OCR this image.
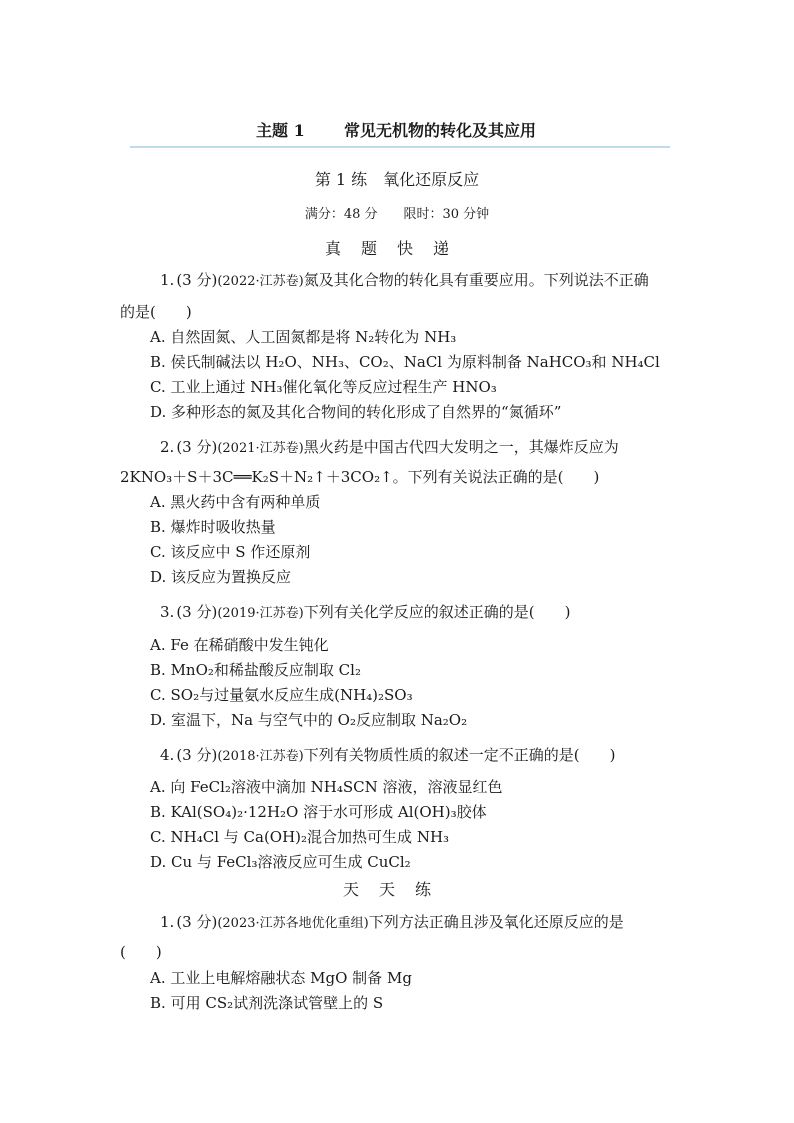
主题 1 常见无机物的转化及其应用
第 1 练　氧化还原反应
满分：48 分　　限时：30 分钟
真题快递
1. (3 分)(2022·江苏卷)氮及其化合物的转化具有重要应用。下列说法不正确
的是(　　)
A. 自然固氮、人工固氮都是将 N₂转化为 NH₃
B. 侯氏制碱法以 H₂O、NH₃、CO₂、NaCl 为原料制备 NaHCO₃和 NH₄Cl
C. 工业上通过 NH₃催化氧化等反应过程生产 HNO₃
D. 多种形态的氮及其化合物间的转化形成了自然界的“氮循环”
2. (3 分)(2021·江苏卷)黑火药是中国古代四大发明之一，其爆炸反应为
2KNO₃＋S＋3C══K₂S＋N₂↑＋3CO₂↑。下列有关说法正确的是(　　)
A. 黑火药中含有两种单质
B. 爆炸时吸收热量
C. 该反应中 S 作还原剂
D. 该反应为置换反应
3. (3 分)(2019·江苏卷)下列有关化学反应的叙述正确的是(　　)
A. Fe 在稀硝酸中发生钝化
B. MnO₂和稀盐酸反应制取 Cl₂
C. SO₂与过量氨水反应生成(NH₄)₂SO₃
D. 室温下，Na 与空气中的 O₂反应制取 Na₂O₂
4. (3 分)(2018·江苏卷)下列有关物质性质的叙述一定不正确的是(　　)
A. 向 FeCl₂溶液中滴加 NH₄SCN 溶液，溶液显红色
B. KAl(SO₄)₂·12H₂O 溶于水可形成 Al(OH)₃胶体
C. NH₄Cl 与 Ca(OH)₂混合加热可生成 NH₃
D. Cu 与 FeCl₃溶液反应可生成 CuCl₂
天天练
1. (3 分)(2023·江苏各地优化重组)下列方法正确且涉及氧化还原反应的是
(　　)
A. 工业上电解熔融状态 MgO 制备 Mg
B. 可用 CS₂试剂洗涤试管壁上的 S
